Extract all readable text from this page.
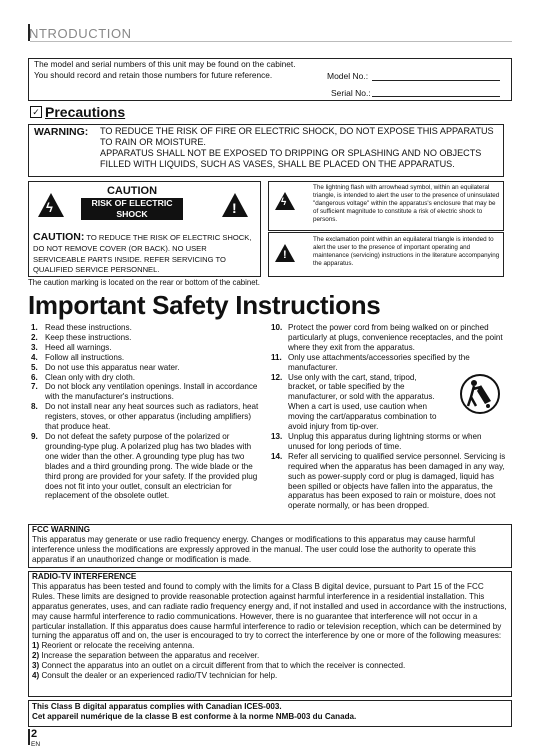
NTRODUCTION
The model and serial numbers of this unit may be found on the cabinet. You should record and retain those numbers for future reference.	Model No.:
Serial No.:
✓ Precautions
WARNING: TO REDUCE THE RISK OF FIRE OR ELECTRIC SHOCK, DO NOT EXPOSE THIS APPARATUS TO RAIN OR MOISTURE.
APPARATUS SHALL NOT BE EXPOSED TO DRIPPING OR SPLASHING AND NO OBJECTS FILLED WITH LIQUIDS, SUCH AS VASES, SHALL BE PLACED ON THE APPARATUS.
ϟ	!
CAUTION
RISK OF ELECTRIC SHOCK
DO NOT OPEN
CAUTION: TO REDUCE THE RISK OF ELECTRIC SHOCK, DO NOT REMOVE COVER (OR BACK). NO USER SERVICEABLE PARTS INSIDE. REFER SERVICING TO QUALIFIED SERVICE PERSONNEL.
ϟ
The lightning flash with arrowhead symbol, within an equilateral triangle, is intended to alert the user to the presence of uninsulated "dangerous voltage" within the apparatus's enclosure that may be of sufficient magnitude to constitute a risk of electric shock to persons.
!
The exclamation point within an equilateral triangle is intended to alert the user to the presence of important operating and maintenance (servicing) instructions in the literature accompanying the apparatus.
The caution marking is located on the rear or bottom of the cabinet.
Important Safety Instructions
1. Read these instructions.
2. Keep these instructions.
3. Heed all warnings.
4. Follow all instructions.
5. Do not use this apparatus near water.
6. Clean only with dry cloth.
7. Do not block any ventilation openings. Install in accordance with the manufacturer's instructions.
8. Do not install near any heat sources such as radiators, heat registers, stoves, or other apparatus (including amplifiers) that produce heat.
9. Do not defeat the safety purpose of the polarized or grounding-type plug. A polarized plug has two blades with one wider than the other. A grounding type plug has two blades and a third grounding prong. The wide blade or the third prong are provided for your safety. If the provided plug does not fit into your outlet, consult an electrician for replacement of the obsolete outlet.
10. Protect the power cord from being walked on or pinched particularly at plugs, convenience receptacles, and the point where they exit from the apparatus.
11. Only use attachments/accessories specified by the manufacturer.
12. Use only with the cart, stand, tripod, bracket, or table specified by the manufacturer, or sold with the apparatus. When a cart is used, use caution when moving the cart/apparatus combination to avoid injury from tip-over.
13. Unplug this apparatus during lightning storms or when unused for long periods of time.
14. Refer all servicing to qualified service personnel. Servicing is required when the apparatus has been damaged in any way, such as power-supply cord or plug is damaged, liquid has been spilled or objects have fallen into the apparatus, the apparatus has been exposed to rain or moisture, does not operate normally, or has been dropped.
FCC WARNING
This apparatus may generate or use radio frequency energy. Changes or modifications to this apparatus may cause harmful interference unless the modifications are expressly approved in the manual. The user could lose the authority to operate this apparatus if an unauthorized change or modification is made.
RADIO-TV INTERFERENCE
This apparatus has been tested and found to comply with the limits for a Class B digital device, pursuant to Part 15 of the FCC Rules. These limits are designed to provide reasonable protection against harmful interference in a residential installation. This apparatus generates, uses, and can radiate radio frequency energy and, if not installed and used in accordance with the instructions, may cause harmful interference to radio communications. However, there is no guarantee that interference will not occur in a particular installation. If this apparatus does cause harmful interference to radio or television reception, which can be determined by turning the apparatus off and on, the user is encouraged to try to correct the interference by one or more of the following measures:
1) Reorient or relocate the receiving antenna.
2) Increase the separation between the apparatus and receiver.
3) Connect the apparatus into an outlet on a circuit different from that to which the receiver is connected.
4) Consult the dealer or an experienced radio/TV technician for help.
This Class B digital apparatus complies with Canadian ICES-003.
Cet appareil numérique de la classe B est conforme à la norme NMB-003 du Canada.
2
EN
